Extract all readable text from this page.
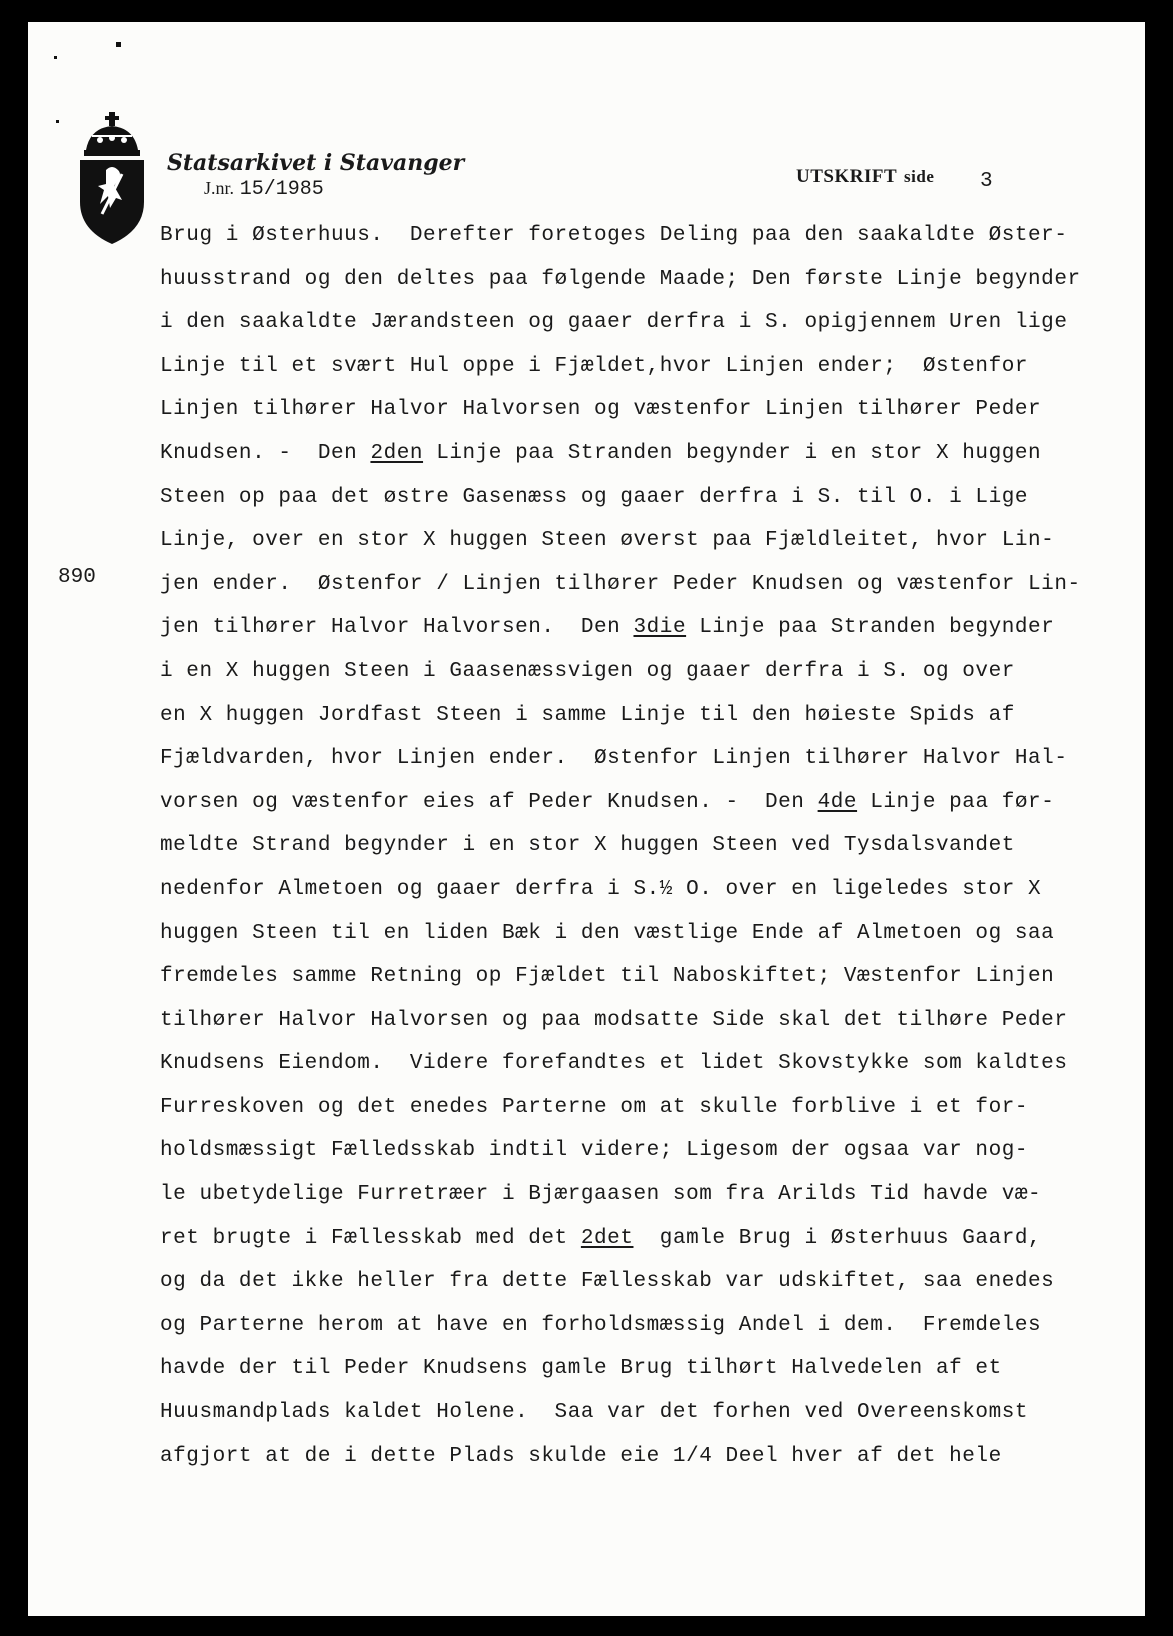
Statsarkivet i Stavanger
J.nr. 15/1985
UTSKRIFT side 3
890
Brug i Østerhuus.  Derefter foretoges Deling paa den saakaldte Øster-
huusstrand og den deltes paa følgende Maade; Den første Linje begynder
i den saakaldte Jærandsteen og gaaer derfra i S. opigjennem Uren lige
Linje til et svært Hul oppe i Fjældet,hvor Linjen ender;  Østenfor
Linjen tilhører Halvor Halvorsen og væstenfor Linjen tilhører Peder
Knudsen. -  Den 2den Linje paa Stranden begynder i en stor X huggen
Steen op paa det østre Gasenæss og gaaer derfra i S. til O. i Lige
Linje, over en stor X huggen Steen øverst paa Fjældleitet, hvor Lin-
jen ender.  Østenfor / Linjen tilhører Peder Knudsen og væstenfor Lin-
jen tilhører Halvor Halvorsen.  Den 3die Linje paa Stranden begynder
i en X huggen Steen i Gaasenæssvigen og gaaer derfra i S. og over
en X huggen Jordfast Steen i samme Linje til den høieste Spids af
Fjældvarden, hvor Linjen ender.  Østenfor Linjen tilhører Halvor Hal-
vorsen og væstenfor eies af Peder Knudsen. -  Den 4de Linje paa før-
meldte Strand begynder i en stor X huggen Steen ved Tysdalsvandet
nedenfor Almetoen og gaaer derfra i S.½ O. over en ligeledes stor X
huggen Steen til en liden Bæk i den væstlige Ende af Almetoen og saa
fremdeles samme Retning op Fjældet til Naboskiftet; Væstenfor Linjen
tilhører Halvor Halvorsen og paa modsatte Side skal det tilhøre Peder
Knudsens Eiendom.  Videre forefandtes et lidet Skovstykke som kaldtes
Furreskoven og det enedes Parterne om at skulle forblive i et for-
holdsmæssigt Fælledsskab indtil videre; Ligesom der ogsaa var nog-
le ubetydelige Furretræer i Bjærgaasen som fra Arilds Tid havde væ-
ret brugte i Fællesskab med det 2det  gamle Brug i Østerhuus Gaard,
og da det ikke heller fra dette Fællesskab var udskiftet, saa enedes
og Parterne herom at have en forholdsmæssig Andel i dem.  Fremdeles
havde der til Peder Knudsens gamle Brug tilhørt Halvedelen af et
Huusmandplads kaldet Holene.  Saa var det forhen ved Overeenskomst
afgjort at de i dette Plads skulde eie 1/4 Deel hver af det hele
